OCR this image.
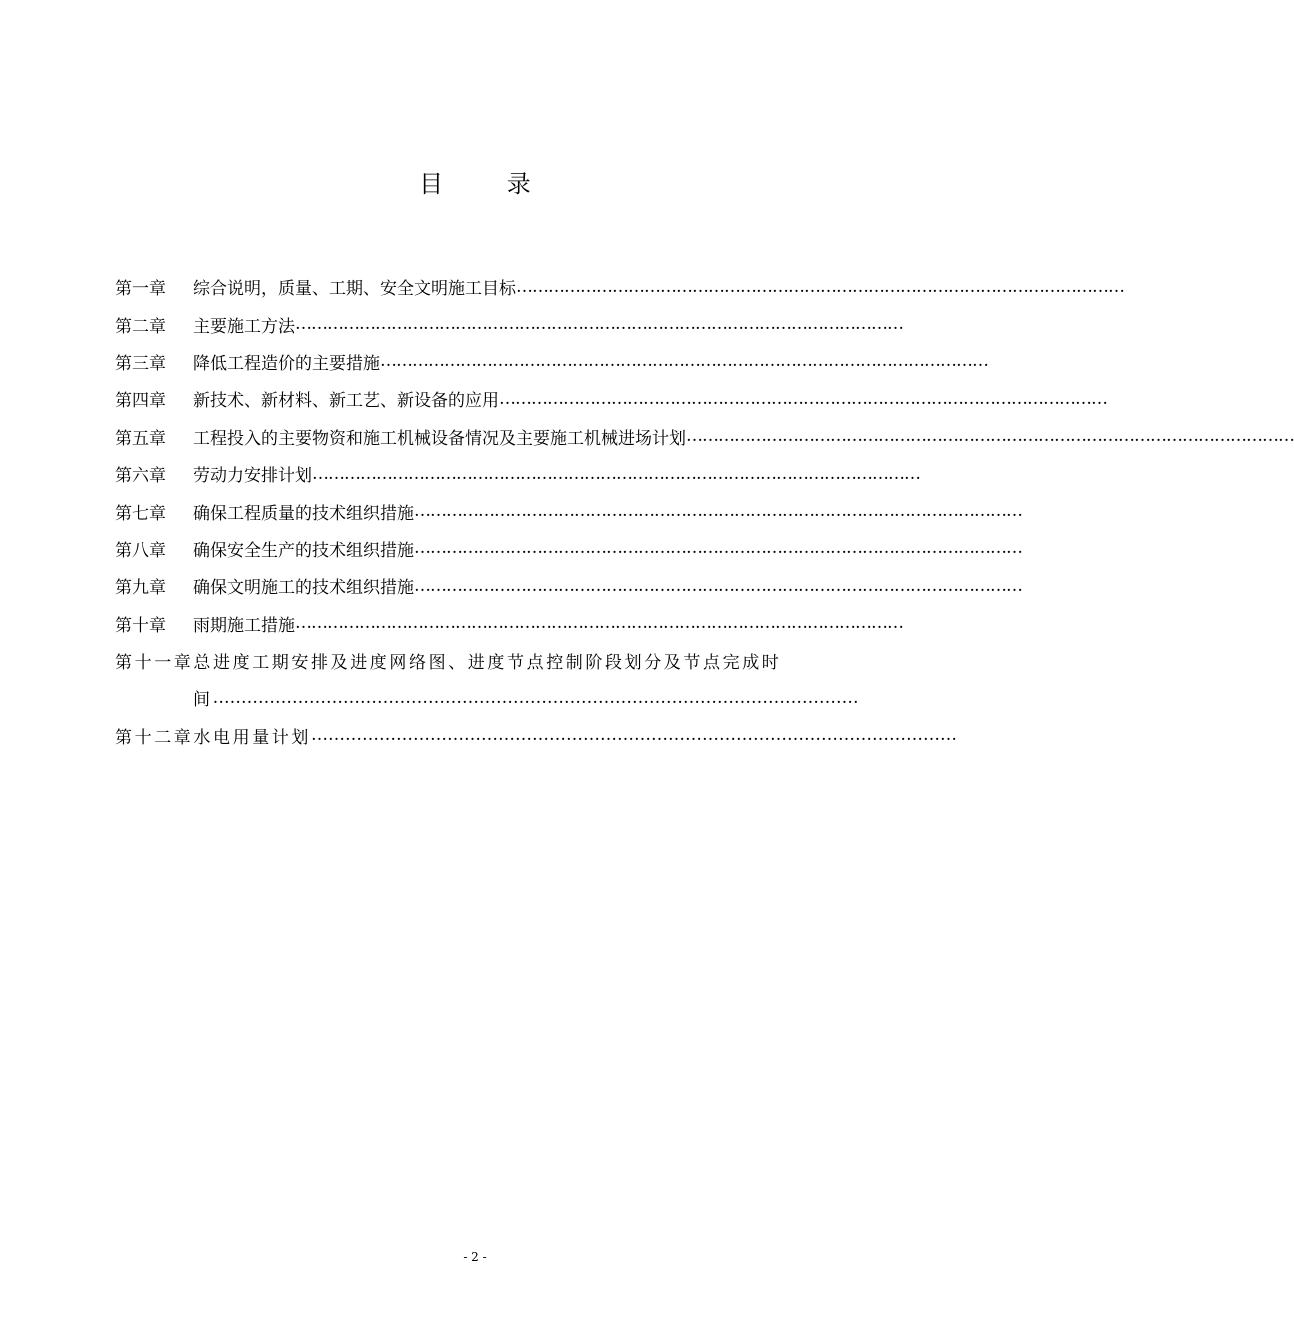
目 录
第一章	综合说明，质量、工期、安全文明施工目标 ……………………………………………………………………………………………………
第二章	主要施工方法 ……………………………………………………………………………………………………
第三章	降低工程造价的主要措施 ……………………………………………………………………………………………………
第四章	新技术、新材料、新工艺、新设备的应用 ……………………………………………………………………………………………………
第五章	工程投入的主要物资和施工机械设备情况及主要施工机械进场计划 ……………………………………………………………………………………………………
第六章	劳动力安排计划 ……………………………………………………………………………………………………
第七章	确保工程质量的技术组织措施 ……………………………………………………………………………………………………
第八章	确保安全生产的技术组织措施 ……………………………………………………………………………………………………
第九章	确保文明施工的技术组织措施 ……………………………………………………………………………………………………
第十章	雨期施工措施 ……………………………………………………………………………………………………
第十一章总进度工期安排及进度网络图、进度节点控制阶段划分及节点完成时
间 ……………………………………………………………………………………………………
第十二章水电用量计划 ……………………………………………………………………………………………………
- 2 -
